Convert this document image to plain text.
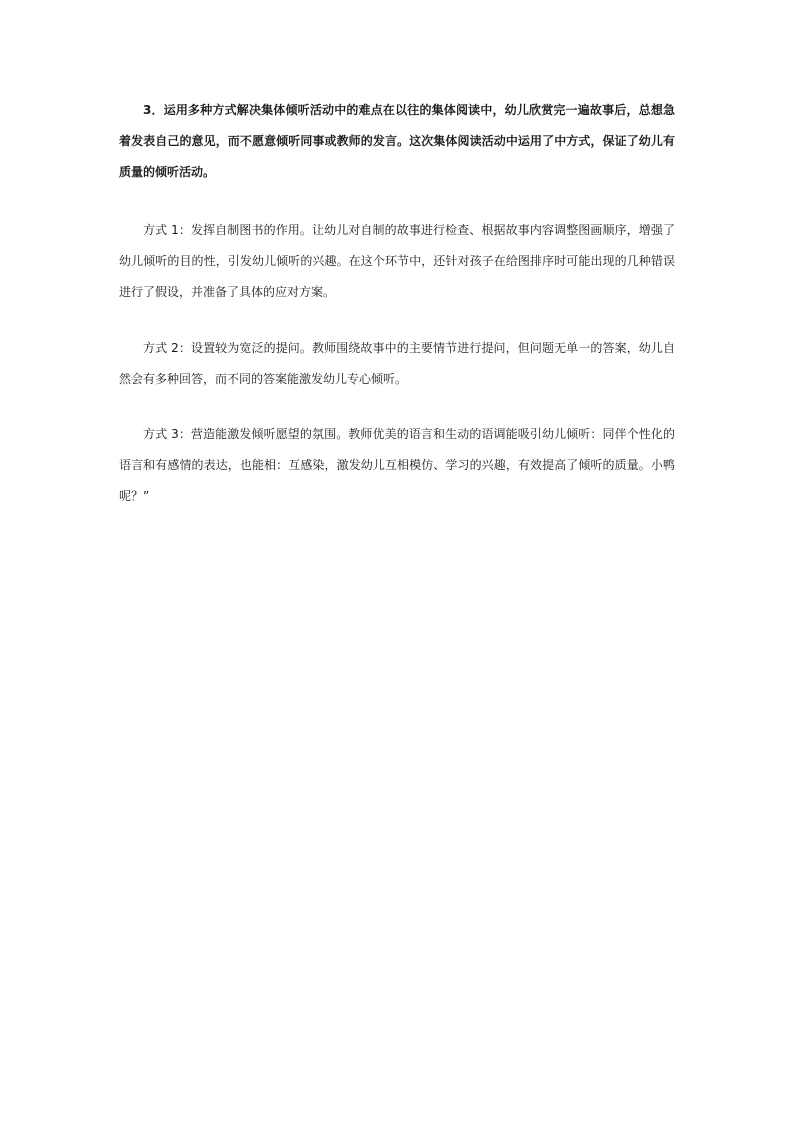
3．运用多种方式解决集体倾听活动中的难点在以往的集体阅读中，幼儿欣赏完一遍故事后，总想急着发表自己的意见，而不愿意倾听同事或教师的发言。这次集体阅读活动中运用了中方式，保证了幼儿有质量的倾听活动。

方式 1：发挥自制图书的作用。让幼儿对自制的故事进行检查、根据故事内容调整图画顺序，增强了幼儿倾听的目的性，引发幼儿倾听的兴趣。在这个环节中，还针对孩子在给图排序时可能出现的几种错误进行了假设，并准备了具体的应对方案。

方式 2：设置较为宽泛的提问。教师围绕故事中的主要情节进行提问，但问题无单一的答案，幼儿自然会有多种回答，而不同的答案能激发幼儿专心倾听。

方式 3：营造能激发倾听愿望的氛围。教师优美的语言和生动的语调能吸引幼儿倾听：同伴个性化的语言和有感情的表达，也能相：互感染，激发幼儿互相模仿、学习的兴趣，有效提高了倾听的质量。小鸭呢？”
